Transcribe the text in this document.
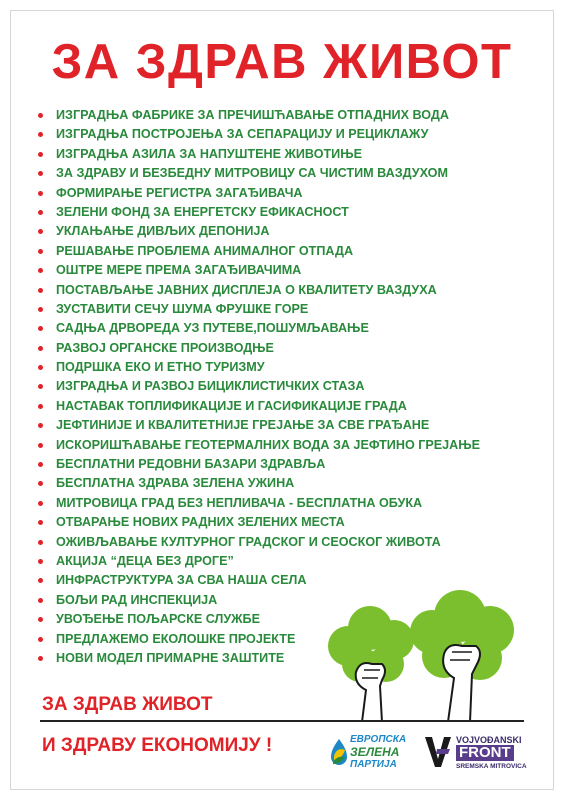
ЗА ЗДРАВ ЖИВОТ
ИЗГРАДЊА ФАБРИКЕ ЗА ПРЕЧИШЋАВАЊЕ ОТПАДНИХ ВОДА
ИЗГРАДЊА ПОСТРОЈЕЊА ЗА СЕПАРАЦИЈУ И РЕЦИКЛАЖУ
ИЗГРАДЊА АЗИЛА ЗА НАПУШТЕНЕ ЖИВОТИЊЕ
ЗА ЗДРАВУ И БЕЗБЕДНУ МИТРОВИЦУ СА ЧИСТИМ ВАЗДУХОМ
ФОРМИРАЊЕ РЕГИСТРА ЗАГАЂИВАЧА
ЗЕЛЕНИ ФОНД ЗА ЕНЕРГЕТСКУ ЕФИКАСНОСТ
УКЛАЊАЊЕ ДИВЉИХ ДЕПОНИЈА
РЕШАВАЊЕ ПРОБЛЕМА АНИМАЛНОГ ОТПАДА
ОШТРЕ МЕРЕ ПРЕМА ЗАГАЂИВАЧИМА
ПОСТАВЉАЊЕ ЈАВНИХ ДИСПЛЕЈА О КВАЛИТЕТУ ВАЗДУХА
ЗУСТАВИТИ СЕЧУ ШУМА ФРУШКЕ ГОРЕ
САДЊА ДРВОРЕДА УЗ ПУТЕВЕ,ПОШУМЉАВАЊЕ
РАЗВОЈ ОРГАНСКЕ ПРОИЗВОДЊЕ
ПОДРШКА ЕКО И ЕТНО ТУРИЗМУ
ИЗГРАДЊА И РАЗВОЈ БИЦИКЛИСТИЧКИХ СТАЗА
НАСТАВАК ТОПЛИФИКАЦИЈЕ И ГАСИФИКАЦИЈЕ ГРАДА
ЈЕФТИНИЈЕ И КВАЛИТЕТНИЈЕ ГРЕЈАЊЕ ЗА СВЕ ГРАЂАНЕ
ИСКОРИШЋАВАЊЕ ГЕОТЕРМАЛНИХ ВОДА ЗА ЈЕФТИНО ГРЕЈАЊЕ
БЕСПЛАТНИ РЕДОВНИ БАЗАРИ ЗДРАВЉА
БЕСПЛАТНА ЗДРАВА ЗЕЛЕНА УЖИНА
МИТРОВИЦА ГРАД БЕЗ НЕПЛИВАЧА - БЕСПЛАТНА ОБУКА
ОТВАРАЊЕ НОВИХ РАДНИХ ЗЕЛЕНИХ МЕСТА
ОЖИВЉАВАЊЕ КУЛТУРНОГ ГРАДСКОГ И СЕОСКОГ ЖИВОТА
АКЦИЈА “ДЕЦА БЕЗ ДРОГЕ”
ИНФРАСТРУКТУРА ЗА СВА НАША СЕЛА
БОЉИ РАД ИНСПЕКЦИЈА
УВОЂЕЊЕ ПОЉАРСКЕ СЛУЖБЕ
ПРЕДЛАЖЕМО ЕКОЛОШКЕ ПРОЈЕКТЕ
НОВИ МОДЕЛ ПРИМАРНЕ ЗАШТИТЕ
ЗА ЗДРАВ ЖИВОТ
И ЗДРАВУ ЕКОНОМИЈУ !	ЕВРОПСКА
ЗЕЛЕНА
ПАРТИЈА
VOJVOĐANSKI
FRONT
SREMSKA MITROVICA
